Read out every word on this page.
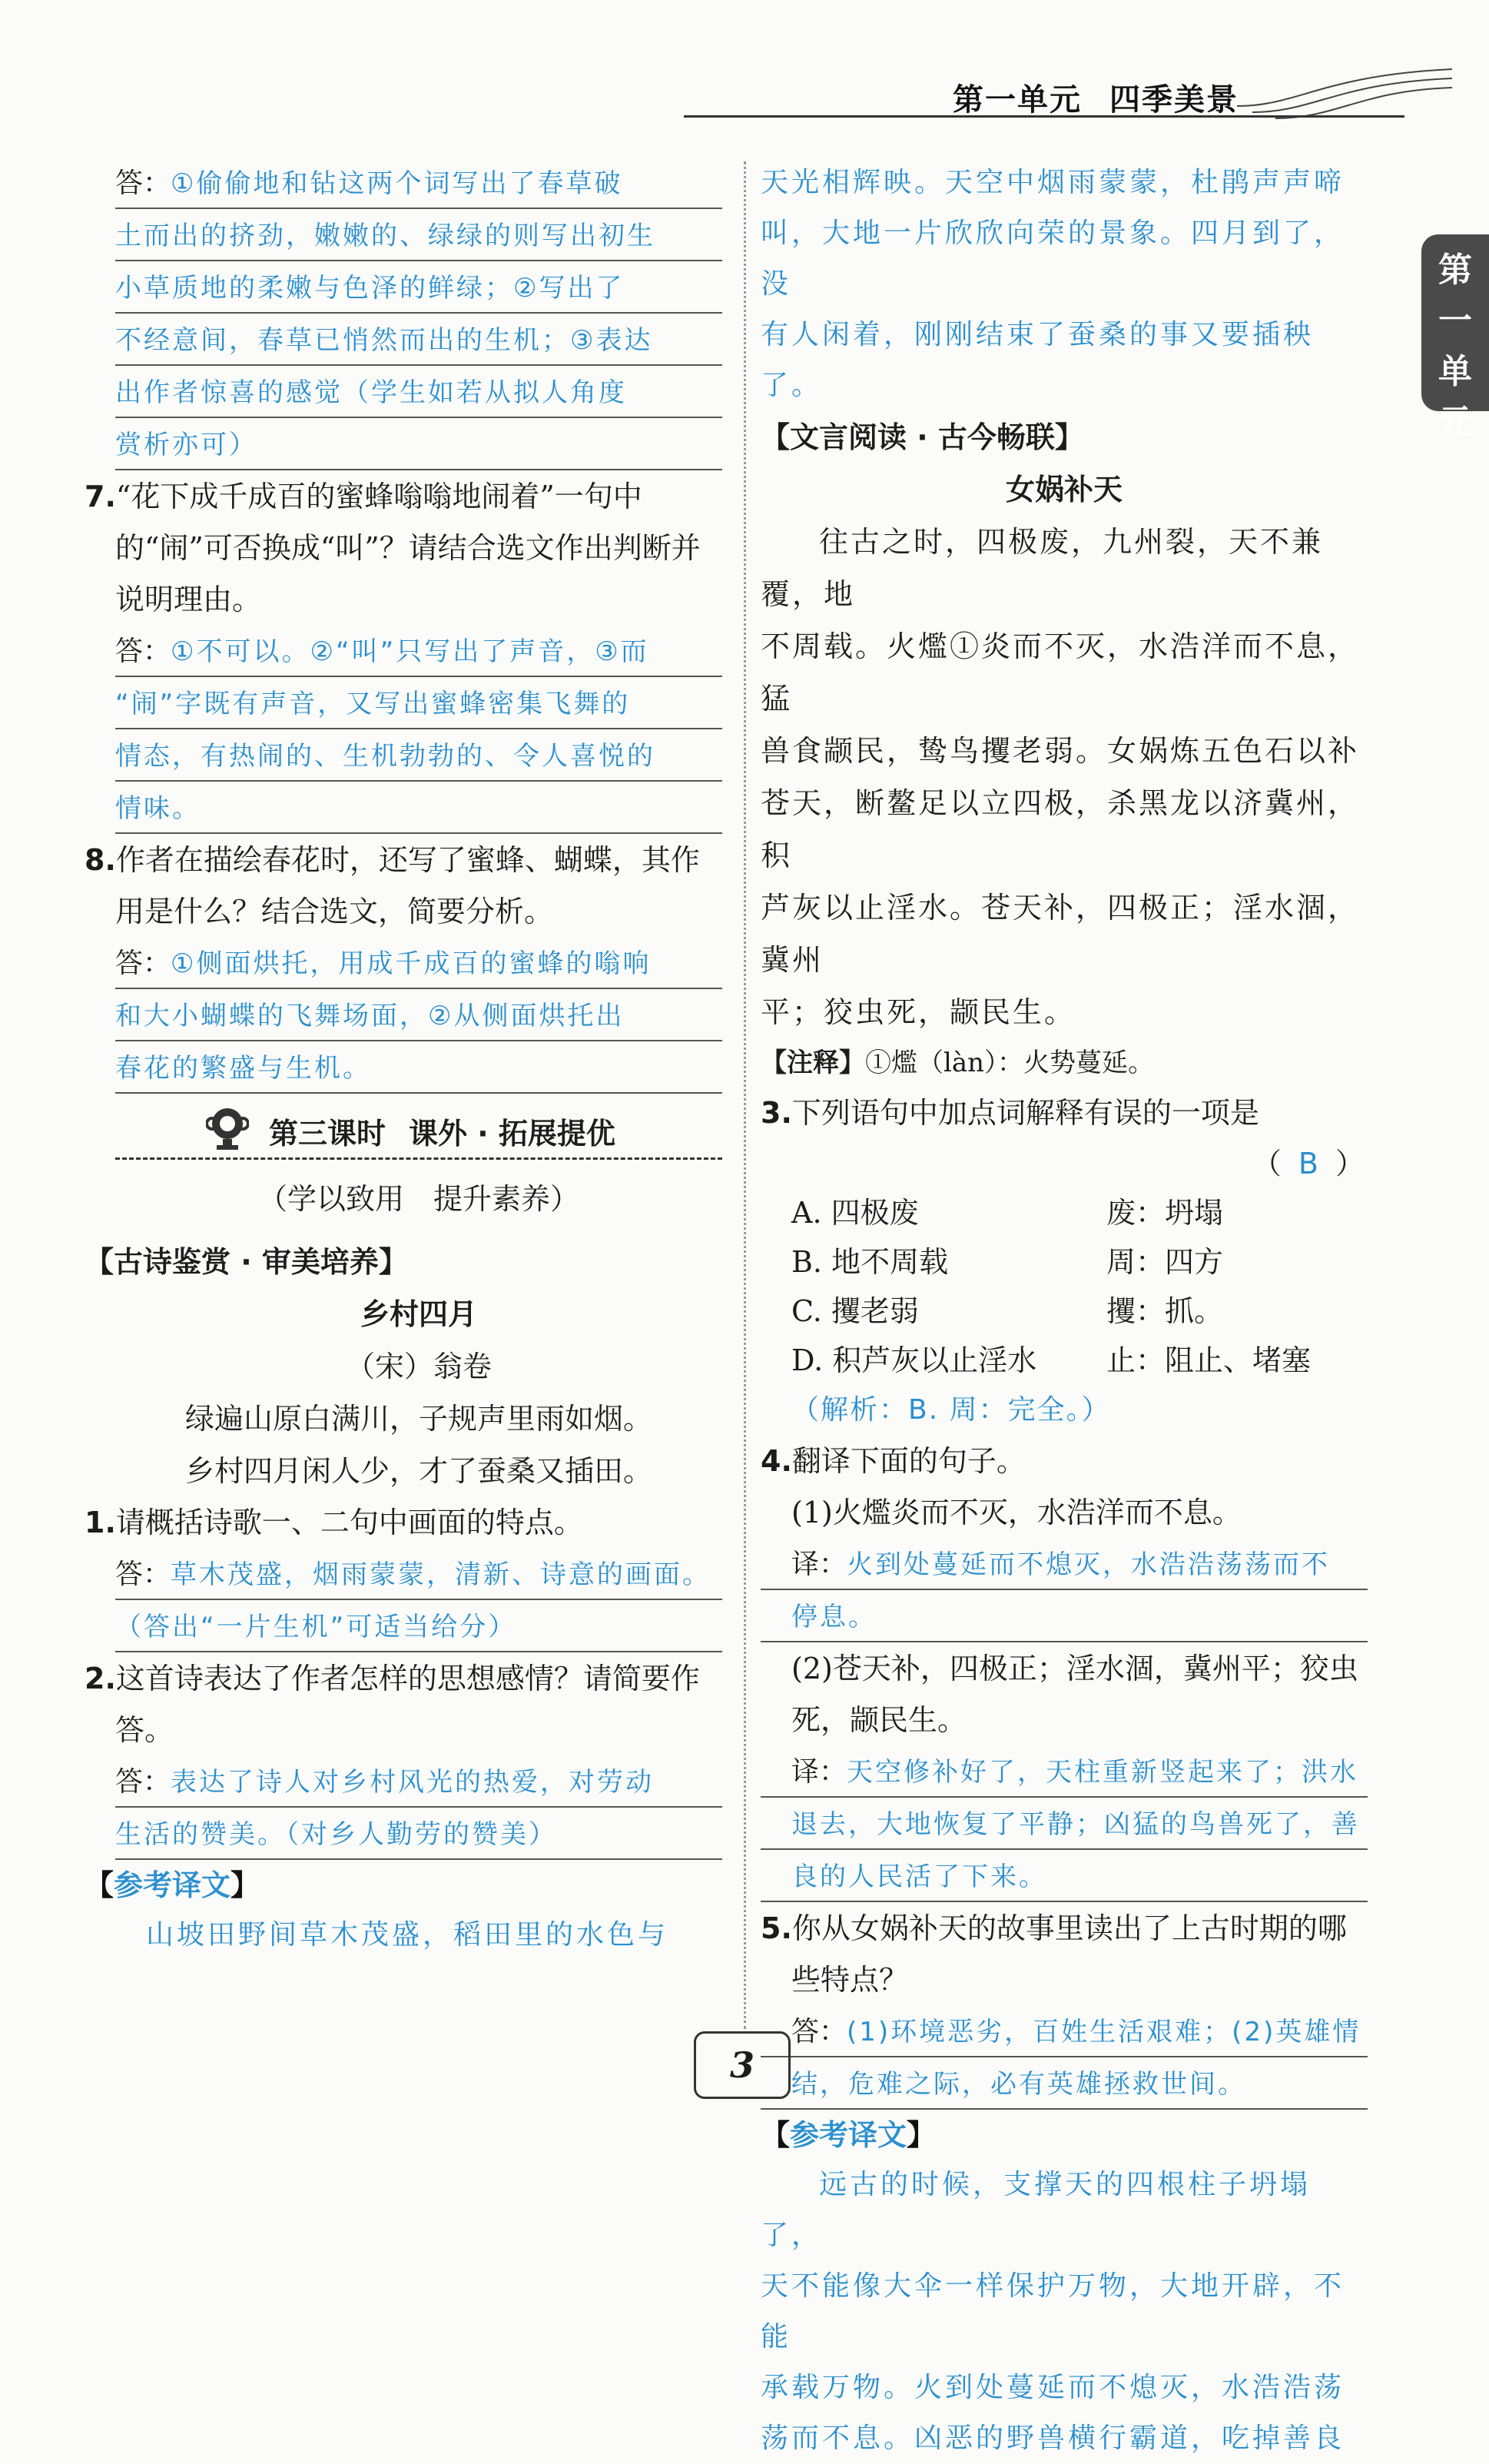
第一单元 四季美景
第一单元
答：①偷偷地和钻这两个词写出了春草破
土而出的挤劲，嫩嫩的、绿绿的则写出初生
小草质地的柔嫩与色泽的鲜绿；②写出了
不经意间，春草已悄然而出的生机；③表达
出作者惊喜的感觉（学生如若从拟人角度
赏析亦可）
7.“花下成千成百的蜜蜂嗡嗡地闹着”一句中的“闹”可否换成“叫”？请结合选文作出判断并说明理由。
答：①不可以。②“叫”只写出了声音，③而
“闹”字既有声音，又写出蜜蜂密集飞舞的
情态，有热闹的、生机勃勃的、令人喜悦的
情味。
8.作者在描绘春花时，还写了蜜蜂、蝴蝶，其作用是什么？结合选文，简要分析。
答：①侧面烘托，用成千成百的蜜蜂的嗡响
和大小蝴蝶的飞舞场面，②从侧面烘托出
春花的繁盛与生机。
第三课时 课外 · 拓展提优
（学以致用　提升素养）
【古诗鉴赏 · 审美培养】
乡村四月
（宋）翁卷
绿遍山原白满川，子规声里雨如烟。
乡村四月闲人少，才了蚕桑又插田。
1.请概括诗歌一、二句中画面的特点。
答：草木茂盛，烟雨蒙蒙，清新、诗意的画面。
（答出“一片生机”可适当给分）
2.这首诗表达了作者怎样的思想感情？请简要作答。
答：表达了诗人对乡村风光的热爱，对劳动
生活的赞美。（对乡人勤劳的赞美）
【参考译文】
山坡田野间草木茂盛，稻田里的水色与
天光相辉映。天空中烟雨蒙蒙，杜鹃声声啼
叫，大地一片欣欣向荣的景象。四月到了，没
有人闲着，刚刚结束了蚕桑的事又要插秧了。
【文言阅读 · 古今畅联】
女娲补天
往古之时，四极废，九州裂，天不兼覆，地
不周载。火爁①炎而不灭，水浩洋而不息，猛
兽食颛民，鸷鸟攫老弱。女娲炼五色石以补
苍天，断鳌足以立四极，杀黑龙以济冀州，积
芦灰以止淫水。苍天补，四极正；淫水涸，冀州
平；狡虫死，颛民生。
【注释】①爁（làn）：火势蔓延。
3.下列语句中加点词解释有误的一项是
（ B ）
A. 四极废	废：坍塌
B. 地不周载	周：四方
C. 攫老弱	攫：抓。
D. 积芦灰以止淫水	止：阻止、堵塞
（解析：B. 周：完全。）
4.翻译下面的句子。
(1)火爁炎而不灭，水浩洋而不息。
译：火到处蔓延而不熄灭，水浩浩荡荡而不
停息。
(2)苍天补，四极正；淫水涸，冀州平；狡虫死，颛民生。
译：天空修补好了，天柱重新竖起来了；洪水
退去，大地恢复了平静；凶猛的鸟兽死了，善
良的人民活了下来。
5.你从女娲补天的故事里读出了上古时期的哪些特点？
答：(1)环境恶劣，百姓生活艰难；(2)英雄情
结，危难之际，必有英雄拯救世间。
【参考译文】
远古的时候，支撑天的四根柱子坍塌了，
天不能像大伞一样保护万物，大地开辟，不能
承载万物。火到处蔓延而不熄灭，水浩浩荡
荡而不息。凶恶的野兽横行霸道，吃掉善良
3
